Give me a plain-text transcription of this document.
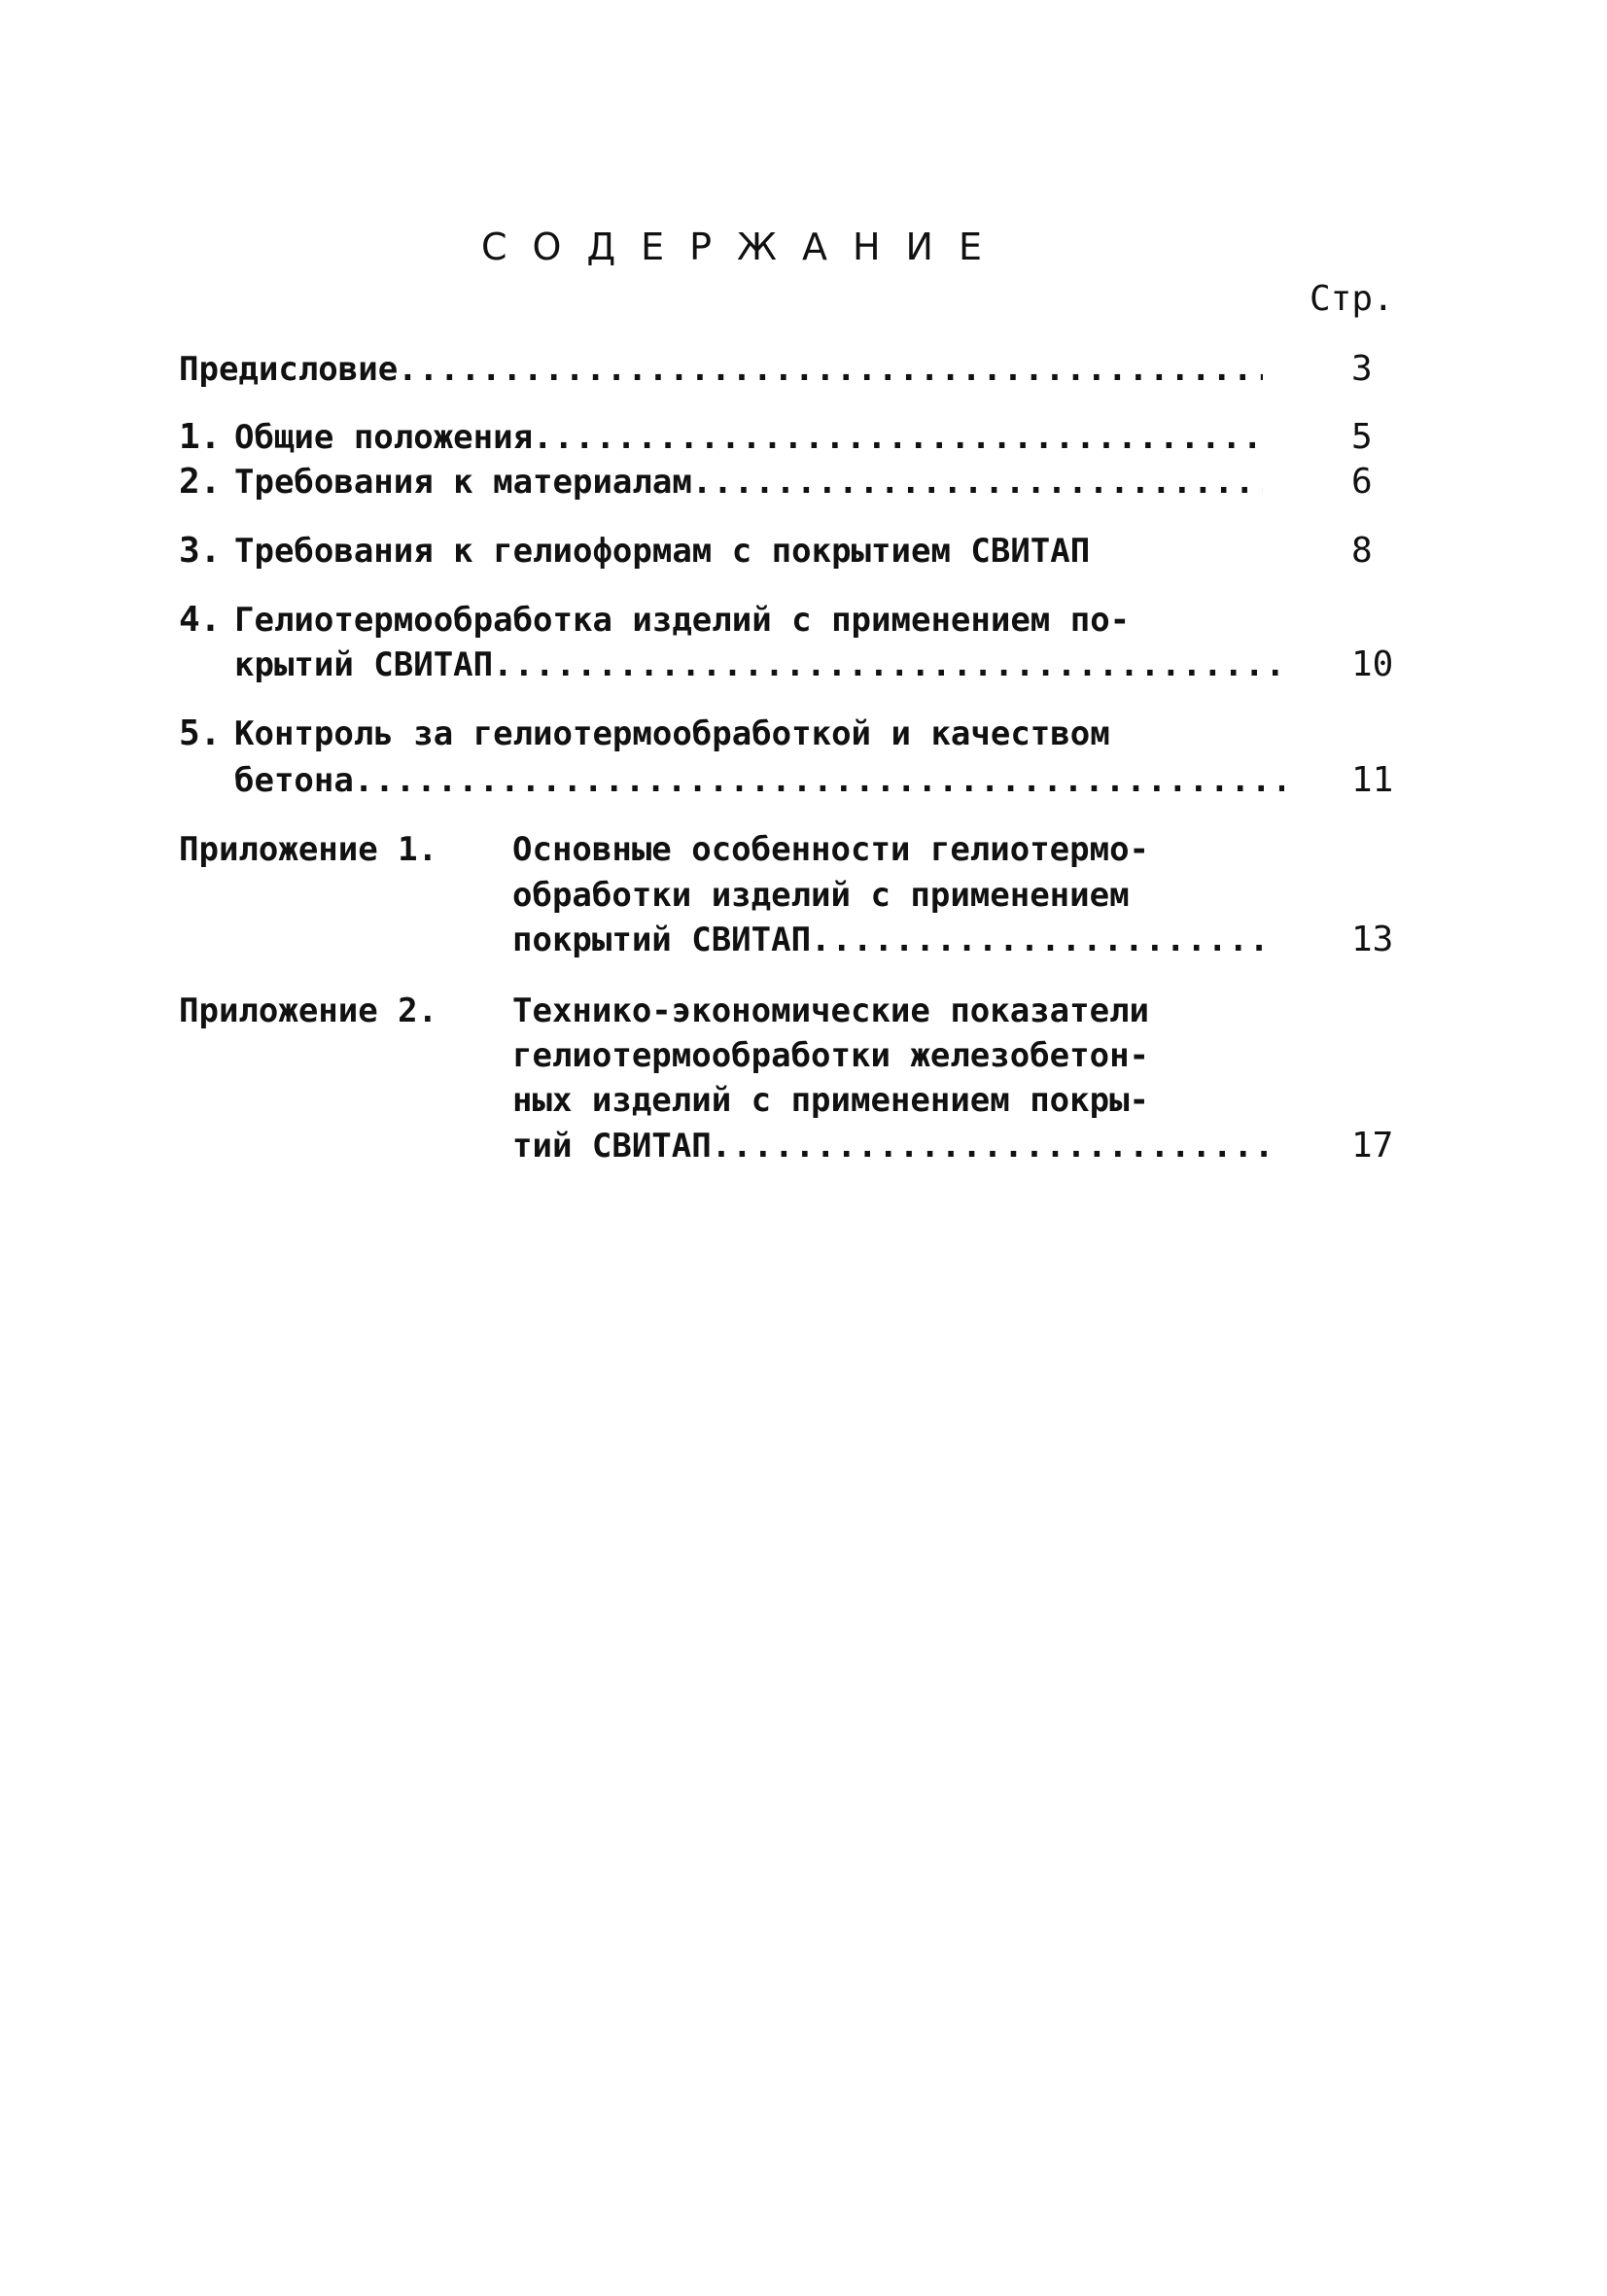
СОДЕРЖАНИЕ
Стр.
Предисловие .....	3
1. Общие положения .....	5
2. Требования к материалам .....	6
3. Требования к гелиоформам с покрытием СВИТАП	8
4. Гелиотермообработка изделий с применением по-
крытий СВИТАП .....	10
5. Контроль за гелиотермообработкой и качеством
бетона .....	11
Приложение 1. Основные особенности гелиотермо-
обработки изделий с применением
покрытий СВИТАП .....	13
Приложение 2. Технико-экономические показатели
гелиотермообработки железобетон-
ных изделий с применением покры-
тий СВИТАП .....	17
